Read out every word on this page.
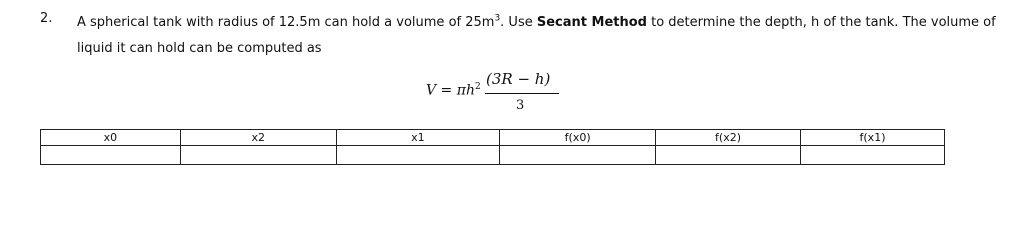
2. A spherical tank with radius of 12.5m can hold a volume of $25m^3$. Use Secant Method to determine the depth, h of the tank. The volume of liquid it can hold can be computed as
$V = \pi h^2$ (3R − h)
3
x0	x2	x1	f(x0)	f(x2)	f(x1)
